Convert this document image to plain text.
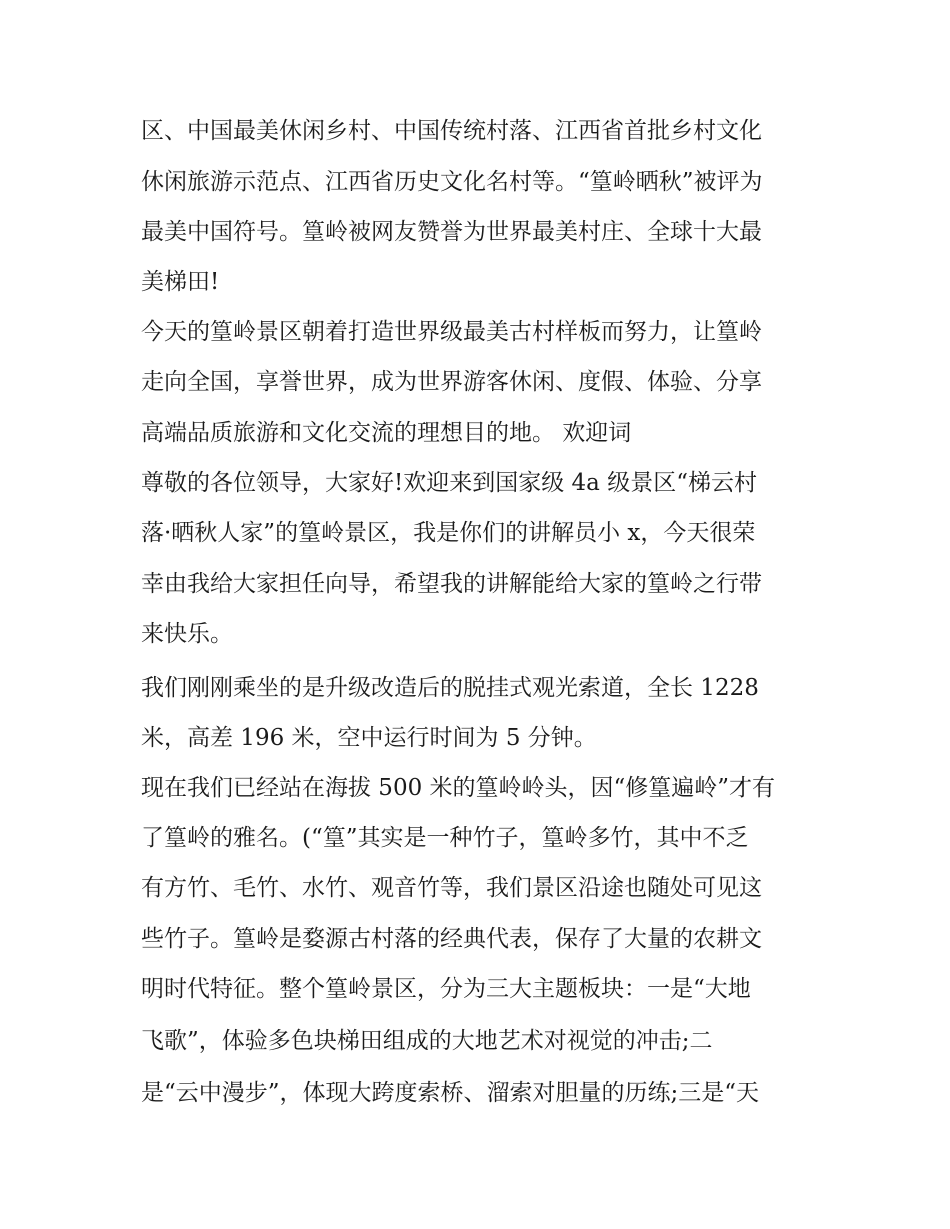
区、中国最美休闲乡村、中国传统村落、江西省首批乡村文化
休闲旅游示范点、江西省历史文化名村等。“篁岭晒秋”被评为
最美中国符号。篁岭被网友赞誉为世界最美村庄、全球十大最
美梯田!
今天的篁岭景区朝着打造世界级最美古村样板而努力，让篁岭
走向全国，享誉世界，成为世界游客休闲、度假、体验、分享
高端品质旅游和文化交流的理想目的地。 欢迎词
尊敬的各位领导，大家好!欢迎来到国家级 4a 级景区“梯云村
落·晒秋人家”的篁岭景区，我是你们的讲解员小 x，今天很荣
幸由我给大家担任向导，希望我的讲解能给大家的篁岭之行带
来快乐。
我们刚刚乘坐的是升级改造后的脱挂式观光索道，全长 1228
米，高差 196 米，空中运行时间为 5 分钟。
现在我们已经站在海拔 500 米的篁岭岭头，因“修篁遍岭”才有
了篁岭的雅名。(“篁”其实是一种竹子，篁岭多竹，其中不乏
有方竹、毛竹、水竹、观音竹等，我们景区沿途也随处可见这
些竹子。篁岭是婺源古村落的经典代表，保存了大量的农耕文
明时代特征。整个篁岭景区，分为三大主题板块：一是“大地
飞歌”，体验多色块梯田组成的大地艺术对视觉的冲击;二
是“云中漫步”，体现大跨度索桥、溜索对胆量的历练;三是“天
